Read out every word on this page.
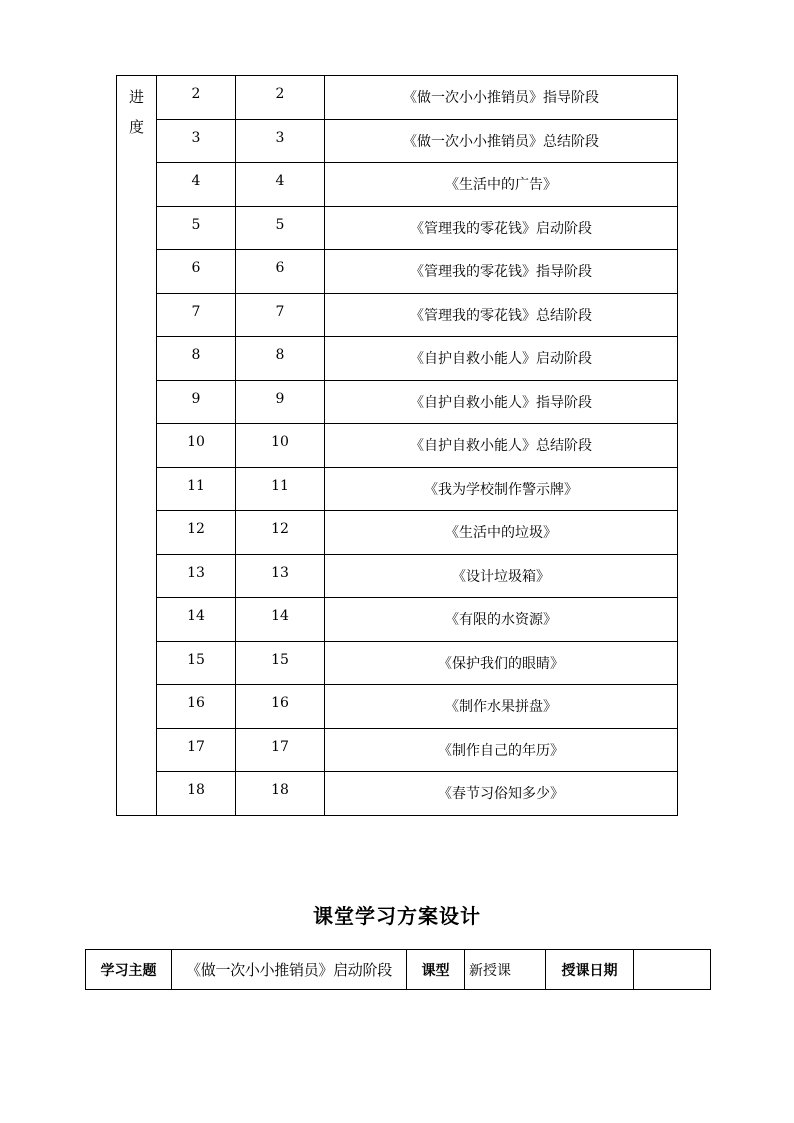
进
度	2	2	《做一次小小推销员》指导阶段
	3	3	《做一次小小推销员》总结阶段
	4	4	《生活中的广告》
	5	5	《管理我的零花钱》启动阶段
	6	6	《管理我的零花钱》指导阶段
	7	7	《管理我的零花钱》总结阶段
	8	8	《自护自救小能人》启动阶段
	9	9	《自护自救小能人》指导阶段
	10	10	《自护自救小能人》总结阶段
	11	11	《我为学校制作警示牌》
	12	12	《生活中的垃圾》
	13	13	《设计垃圾箱》
	14	14	《有限的水资源》
	15	15	《保护我们的眼睛》
	16	16	《制作水果拼盘》
	17	17	《制作自己的年历》
	18	18	《春节习俗知多少》
课堂学习方案设计
学习主题	《做一次小小推销员》启动阶段	课型	新授课	授课日期	
